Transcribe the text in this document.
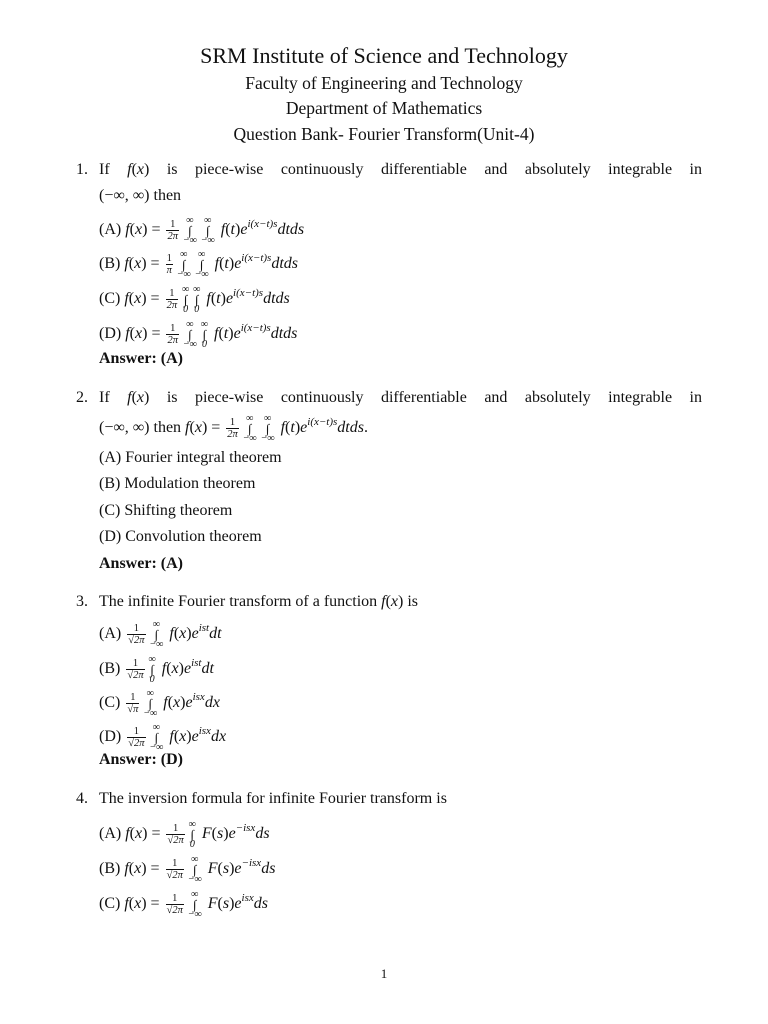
SRM Institute of Science and Technology
Faculty of Engineering and Technology
Department of Mathematics
Question Bank- Fourier Transform(Unit-4)
1. If f(x) is piece-wise continuously differentiable and absolutely integrable in
(−∞, ∞) then
(A) $f(x) = \frac{1}{2\pi}$ ∞
∫
−∞∞
∫
−∞ $f(t)e^{i(x-t)s}dtds$
(B) $f(x) = \frac{1}{\pi}$ ∞
∫
−∞∞
∫
−∞ $f(t)e^{i(x-t)s}dtds$
(C) $f(x) = \frac{1}{2\pi}$ ∞
∫
0∞
∫
0 $f(t)e^{i(x-t)s}dtds$
(D) $f(x) = \frac{1}{2\pi}$ ∞
∫
−∞∞
∫
0 $f(t)e^{i(x-t)s}dtds$
Answer: (A)
2. If f(x) is piece-wise continuously differentiable and absolutely integrable in
(−∞, ∞) then $f(x) = \frac{1}{2\pi}$ ∞
∫
−∞∞
∫
−∞ $f(t)e^{i(x-t)s}dtds$.
(A) Fourier integral theorem
(B) Modulation theorem
(C) Shifting theorem
(D) Convolution theorem
Answer: (A)
3. The infinite Fourier transform of a function f(x) is
$(A) \frac{1}{√2\pi}$ ∞
∫
−∞ $f(x)e^{ist}dt$
$(B) \frac{1}{√2\pi}$ ∞
∫
0 $f(x)e^{ist}dt$
$(C) \frac{1}{√\pi}$ ∞
∫
−∞ $f(x)e^{isx}dx$
$(D) \frac{1}{√2\pi}$ ∞
∫
−∞ $f(x)e^{isx}dx$
Answer: (D)
4. The inversion formula for infinite Fourier transform is
(A) $f(x) = \frac{1}{√2\pi}$ ∞
∫
0 $F(s)e^{-isx}ds$
(B) $f(x) = \frac{1}{√2\pi}$ ∞
∫
−∞ $F(s)e^{-isx}ds$
(C) $f(x) = \frac{1}{√2\pi}$ ∞
∫
−∞ $F(s)e^{isx}ds$
1
